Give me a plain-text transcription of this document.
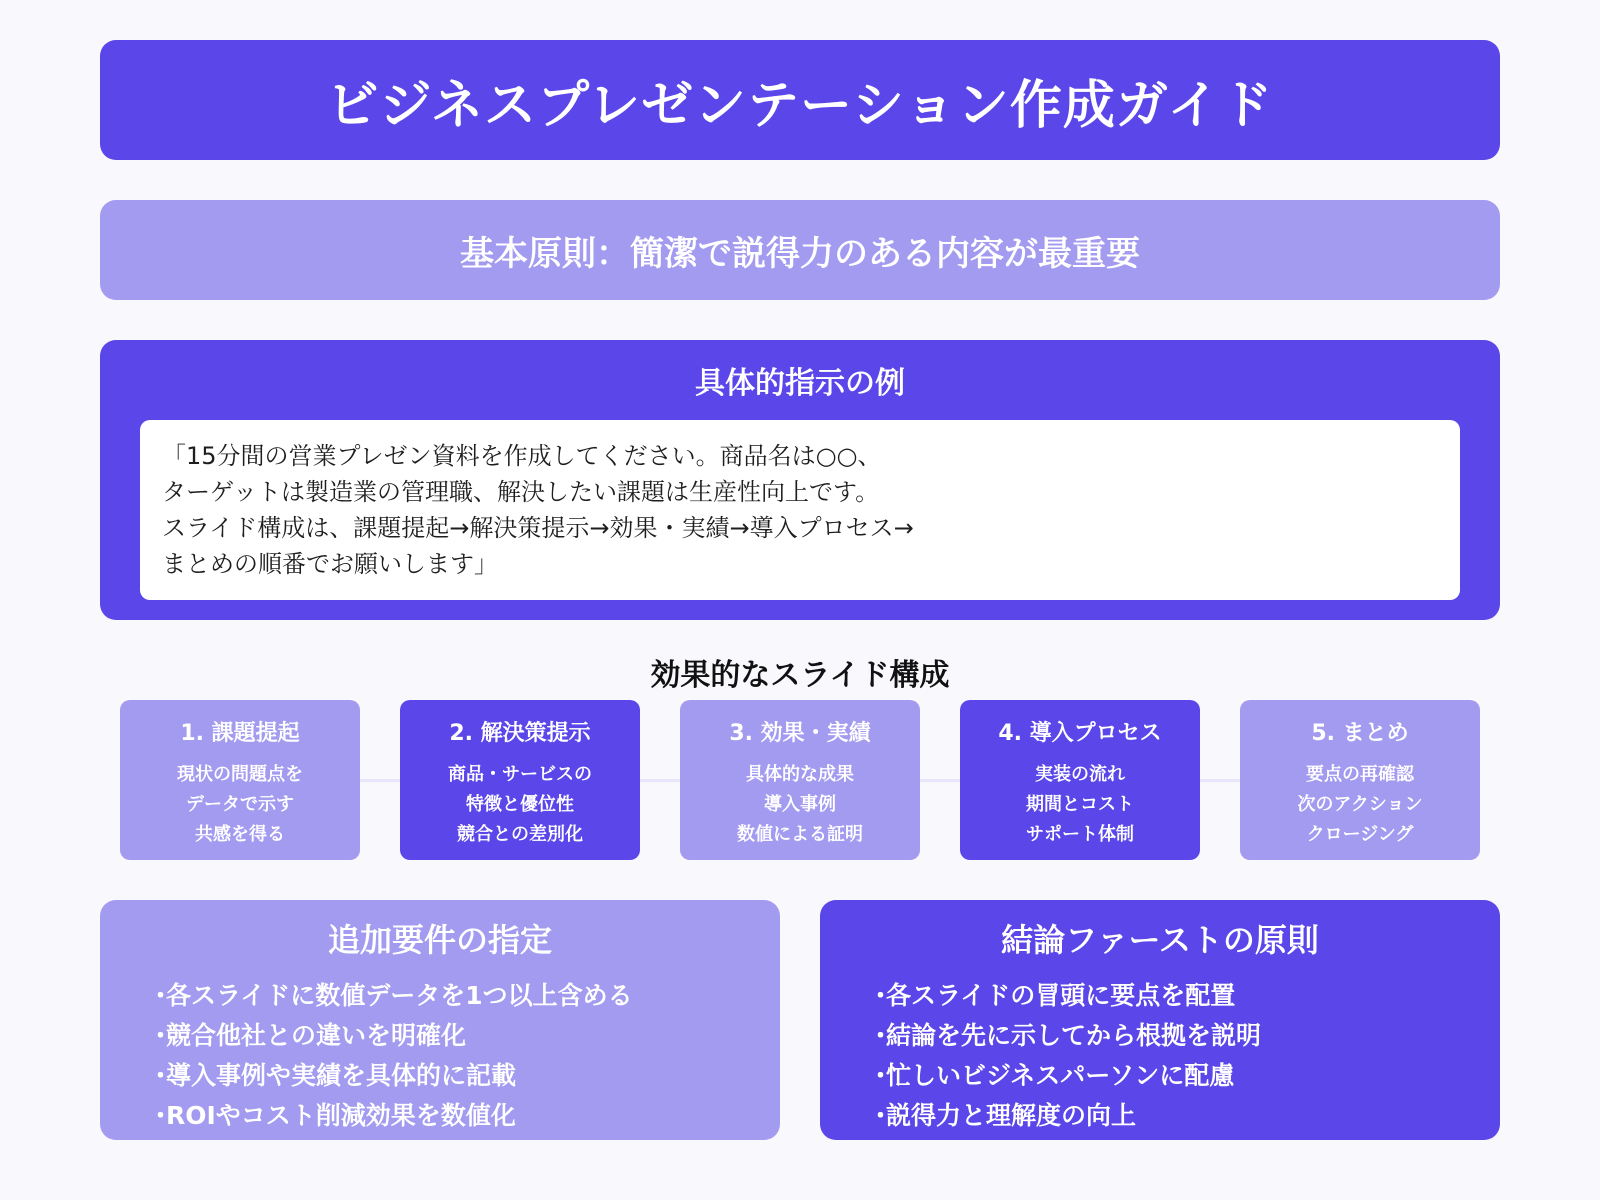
ビジネスプレゼンテーション作成ガイド
基本原則：簡潔で説得力のある内容が最重要
具体的指示の例
「15分間の営業プレゼン資料を作成してください。商品名は○○、
ターゲットは製造業の管理職、解決したい課題は生産性向上です。
スライド構成は、課題提起→解決策提示→効果・実績→導入プロセス→
まとめの順番でお願いします」
効果的なスライド構成
1. 課題提起
現状の問題点を
データで示す
共感を得る
2. 解決策提示
商品・サービスの
特徴と優位性
競合との差別化
3. 効果・実績
具体的な成果
導入事例
数値による証明
4. 導入プロセス
実装の流れ
期間とコスト
サポート体制
5. まとめ
要点の再確認
次のアクション
クロージング
追加要件の指定
・各スライドに数値データを1つ以上含める
・競合他社との違いを明確化
・導入事例や実績を具体的に記載
・ROIやコスト削減効果を数値化
結論ファーストの原則
・各スライドの冒頭に要点を配置
・結論を先に示してから根拠を説明
・忙しいビジネスパーソンに配慮
・説得力と理解度の向上
